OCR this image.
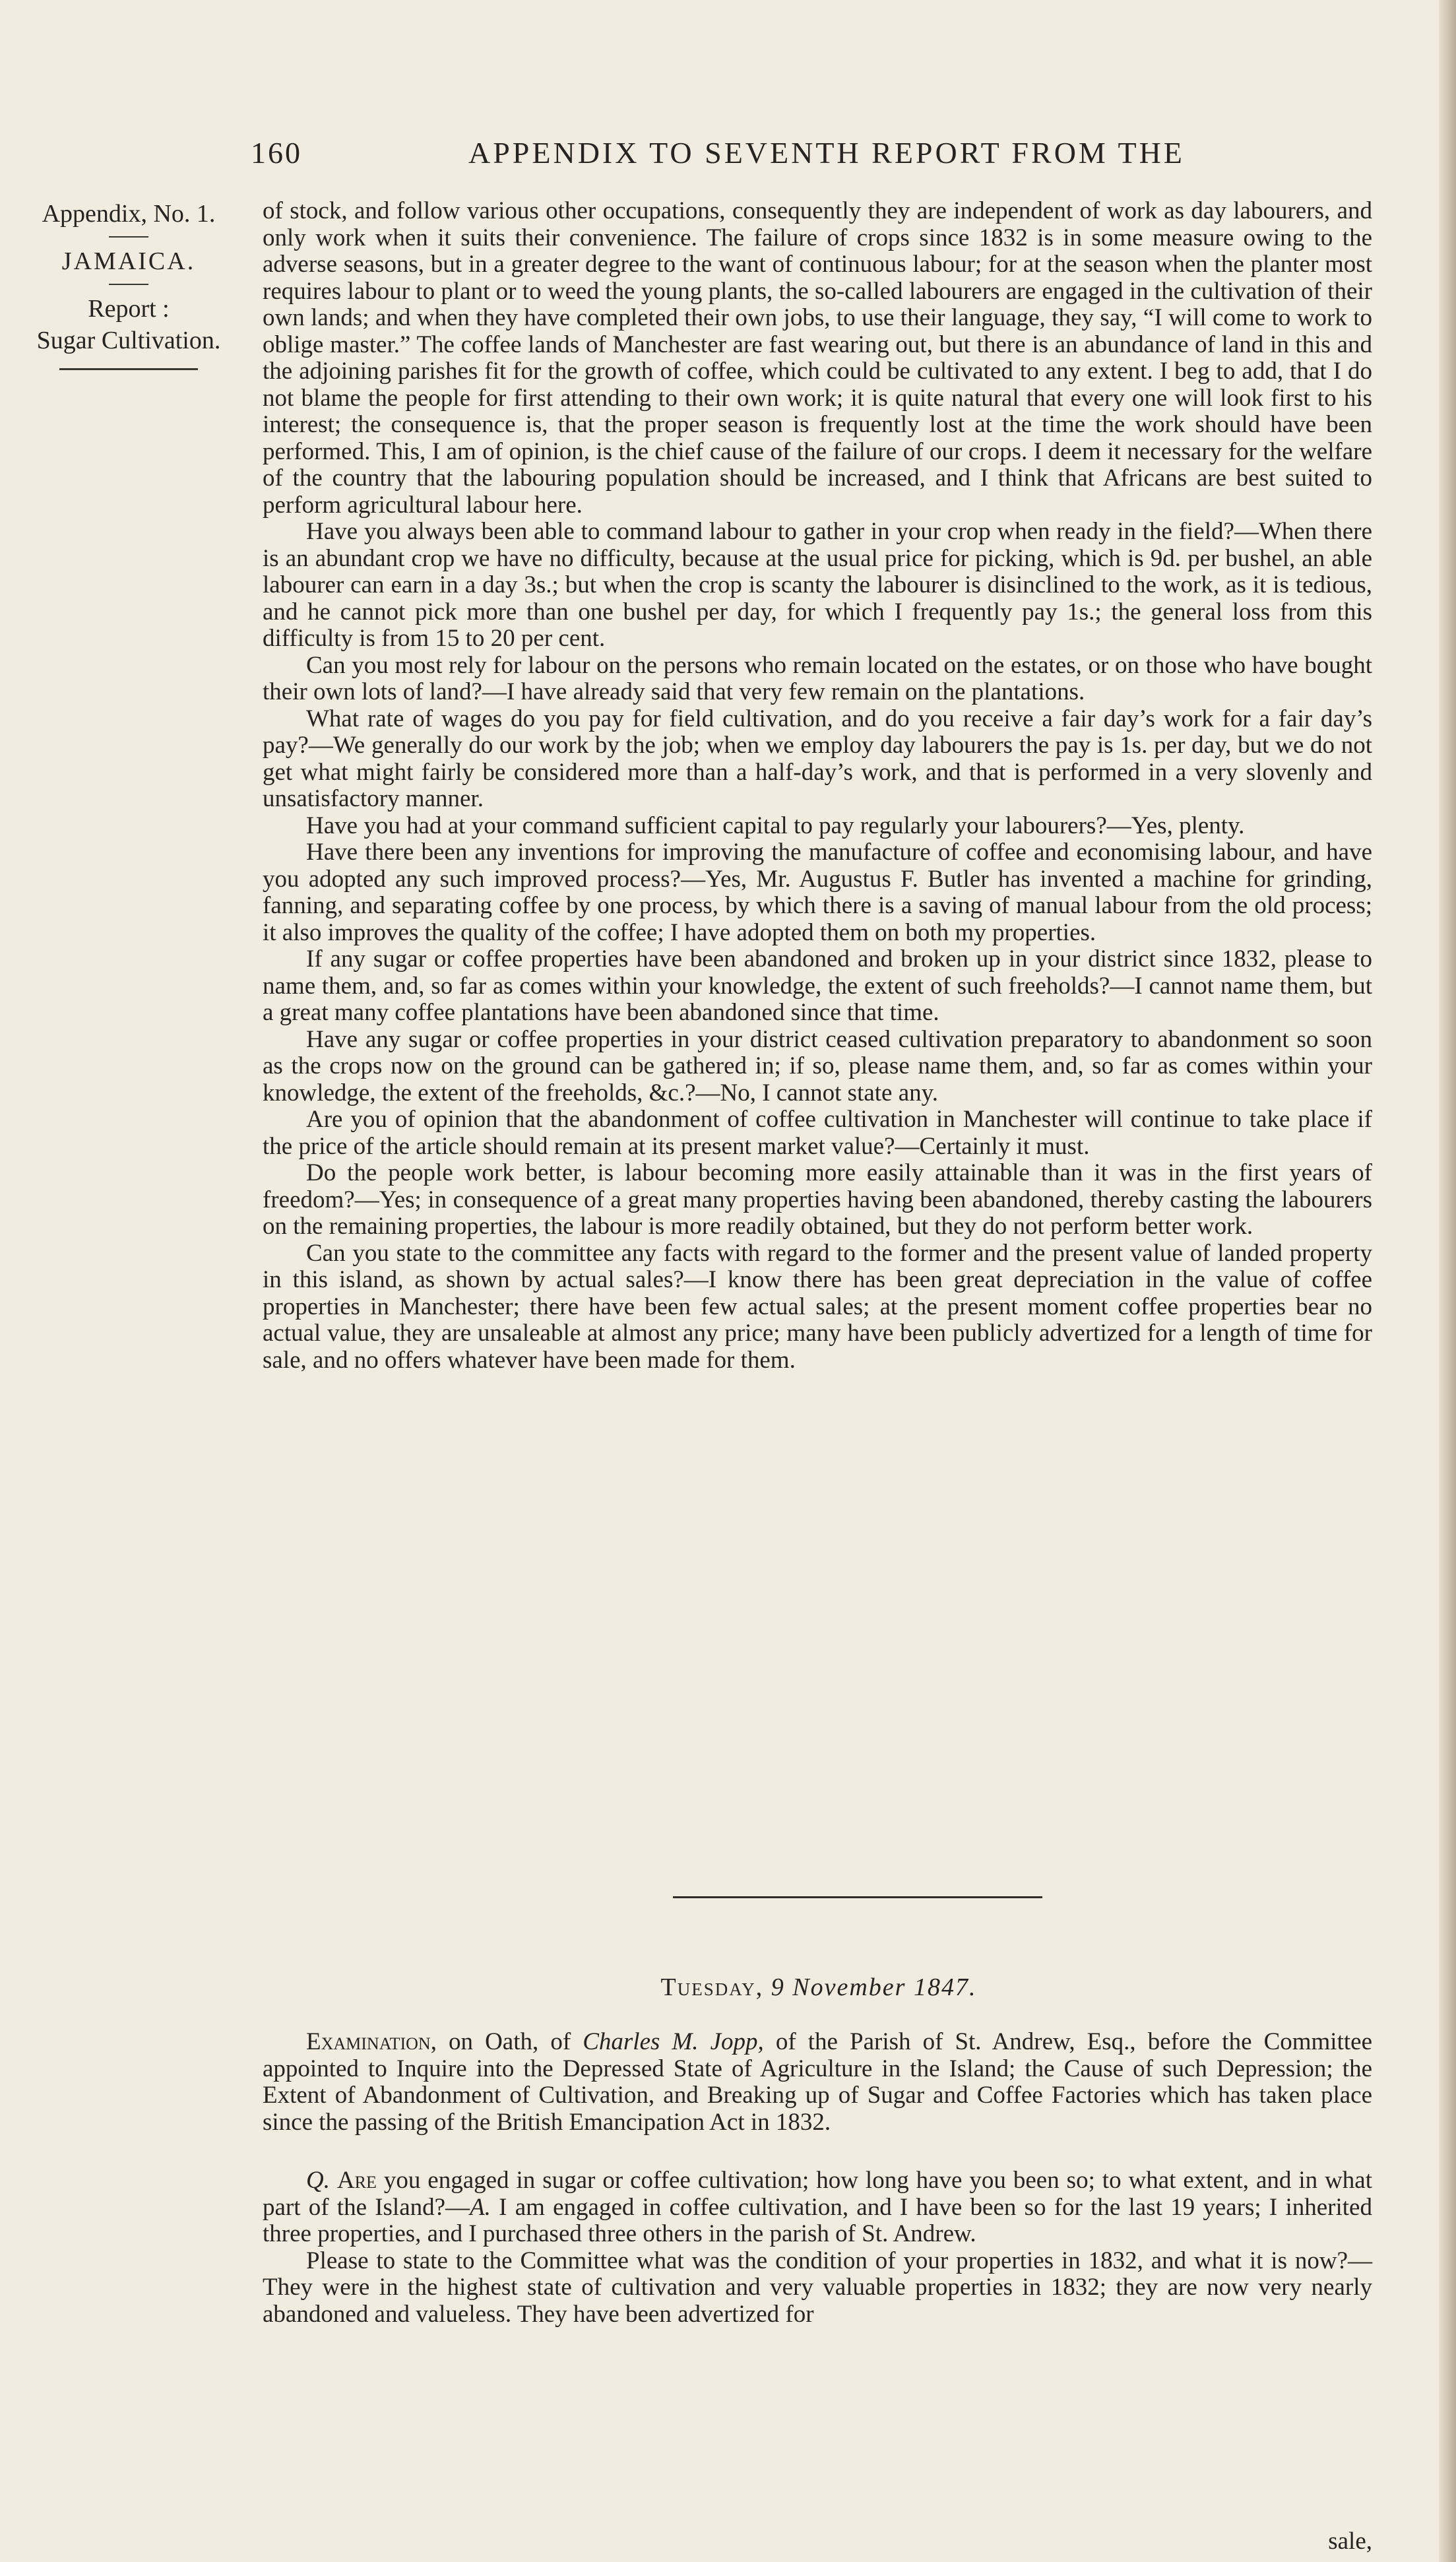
160	APPENDIX TO SEVENTH REPORT FROM THE
Appendix, No. 1.
JAMAICA.
Report :
Sugar Cultivation.

of stock, and follow various other occupations, consequently they are independent of work as day labourers, and only work when it suits their convenience. The failure of crops since 1832 is in some measure owing to the adverse seasons, but in a greater degree to the want of continuous labour; for at the season when the planter most requires labour to plant or to weed the young plants, the so-called labourers are engaged in the cultivation of their own lands; and when they have completed their own jobs, to use their language, they say, “I will come to work to oblige master.” The coffee lands of Manchester are fast wearing out, but there is an abundance of land in this and the adjoining parishes fit for the growth of coffee, which could be cultivated to any extent. I beg to add, that I do not blame the people for first attending to their own work; it is quite natural that every one will look first to his interest; the consequence is, that the proper season is frequently lost at the time the work should have been performed. This, I am of opinion, is the chief cause of the failure of our crops. I deem it necessary for the welfare of the country that the labouring population should be increased, and I think that Africans are best suited to perform agricultural labour here.

Have you always been able to command labour to gather in your crop when ready in the field?—When there is an abundant crop we have no difficulty, because at the usual price for picking, which is 9d. per bushel, an able labourer can earn in a day 3s.; but when the crop is scanty the labourer is disinclined to the work, as it is tedious, and he cannot pick more than one bushel per day, for which I frequently pay 1s.; the general loss from this difficulty is from 15 to 20 per cent.

Can you most rely for labour on the persons who remain located on the estates, or on those who have bought their own lots of land?—I have already said that very few remain on the plantations.

What rate of wages do you pay for field cultivation, and do you receive a fair day’s work for a fair day’s pay?—We generally do our work by the job; when we employ day labourers the pay is 1s. per day, but we do not get what might fairly be considered more than a half-day’s work, and that is performed in a very slovenly and unsatisfactory manner.

Have you had at your command sufficient capital to pay regularly your labourers?—Yes, plenty.

Have there been any inventions for improving the manufacture of coffee and economising labour, and have you adopted any such improved process?—Yes, Mr. Augustus F. Butler has invented a machine for grinding, fanning, and separating coffee by one process, by which there is a saving of manual labour from the old process; it also improves the quality of the coffee; I have adopted them on both my properties.

If any sugar or coffee properties have been abandoned and broken up in your district since 1832, please to name them, and, so far as comes within your knowledge, the extent of such freeholds?—I cannot name them, but a great many coffee plantations have been abandoned since that time.

Have any sugar or coffee properties in your district ceased cultivation preparatory to abandonment so soon as the crops now on the ground can be gathered in; if so, please name them, and, so far as comes within your knowledge, the extent of the freeholds, &c.?—No, I cannot state any.

Are you of opinion that the abandonment of coffee cultivation in Manchester will continue to take place if the price of the article should remain at its present market value?—Certainly it must.

Do the people work better, is labour becoming more easily attainable than it was in the first years of freedom?—Yes; in consequence of a great many properties having been abandoned, thereby casting the labourers on the remaining properties, the labour is more readily obtained, but they do not perform better work.

Can you state to the committee any facts with regard to the former and the present value of landed property in this island, as shown by actual sales?—I know there has been great depreciation in the value of coffee properties in Manchester; there have been few actual sales; at the present moment coffee properties bear no actual value, they are unsaleable at almost any price; many have been publicly advertized for a length of time for sale, and no offers whatever have been made for them.

Tuesday, 9 November 1847.

Examination, on Oath, of Charles M. Jopp, of the Parish of St. Andrew, Esq., before the Committee appointed to Inquire into the Depressed State of Agriculture in the Island; the Cause of such Depression; the Extent of Abandonment of Cultivation, and Breaking up of Sugar and Coffee Factories which has taken place since the passing of the British Emancipation Act in 1832.

Q. Are you engaged in sugar or coffee cultivation; how long have you been so; to what extent, and in what part of the Island?—A. I am engaged in coffee cultivation, and I have been so for the last 19 years; I inherited three properties, and I purchased three others in the parish of St. Andrew.

Please to state to the Committee what was the condition of your properties in 1832, and what it is now?—They were in the highest state of cultivation and very valuable properties in 1832; they are now very nearly abandoned and valueless. They have been advertized for

sale,
